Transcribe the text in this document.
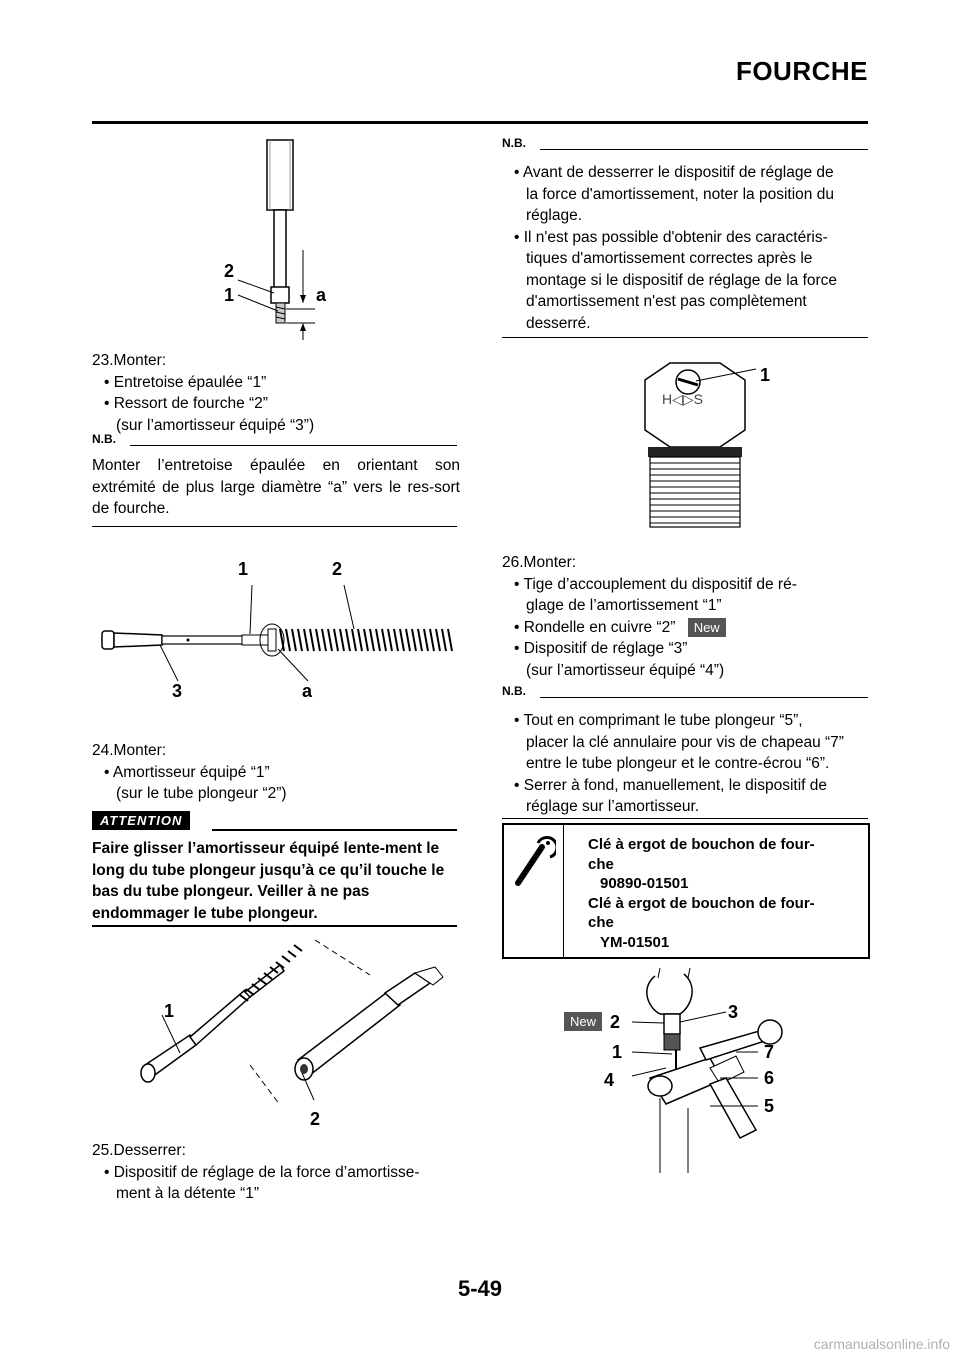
FOURCHE
2
1	a
23.Monter:
• Entretoise épaulée “1”
• Ressort de fourche “2”
(sur l’amortisseur équipé “3”)
N.B.
Monter l’entretoise épaulée en orientant son extrémité de plus large diamètre “a” vers le res-sort de fourche.
1	2
3	a
24.Monter:
• Amortisseur équipé “1”
(sur le tube plongeur “2”)
ATTENTION
Faire glisser l’amortisseur équipé lente-ment le long du tube plongeur jusqu’à ce qu’il touche le bas du tube plongeur. Veiller à ne pas endommager le tube plongeur.
1
2
25.Desserrer:
• Dispositif de réglage de la force d’amortisse-
ment à la détente “1”
N.B.
• Avant de desserrer le dispositif de réglage de
la force d'amortissement, noter la position du
réglage.
• Il n'est pas possible d'obtenir des caractéris-
tiques d'amortissement correctes après le
montage si le dispositif de réglage de la force
d'amortissement n'est pas complètement
desserré.
H◁▷S
1
26.Monter:
• Tige d’accouplement du dispositif de ré-
glage de l’amortissement “1”
• Rondelle en cuivre “2” New
• Dispositif de réglage “3”
(sur l’amortisseur équipé “4”)
N.B.
• Tout en comprimant le tube plongeur “5”,
placer la clé annulaire pour vis de chapeau “7”
entre le tube plongeur et le contre-écrou “6”.
• Serrer à fond, manuellement, le dispositif de
réglage sur l’amortisseur.
Clé à ergot de bouchon de four-
che
90890-01501
Clé à ergot de bouchon de four-
che
YM-01501
New 2	3
1	7
4	6
5
5-49
carmanualsonline.info
